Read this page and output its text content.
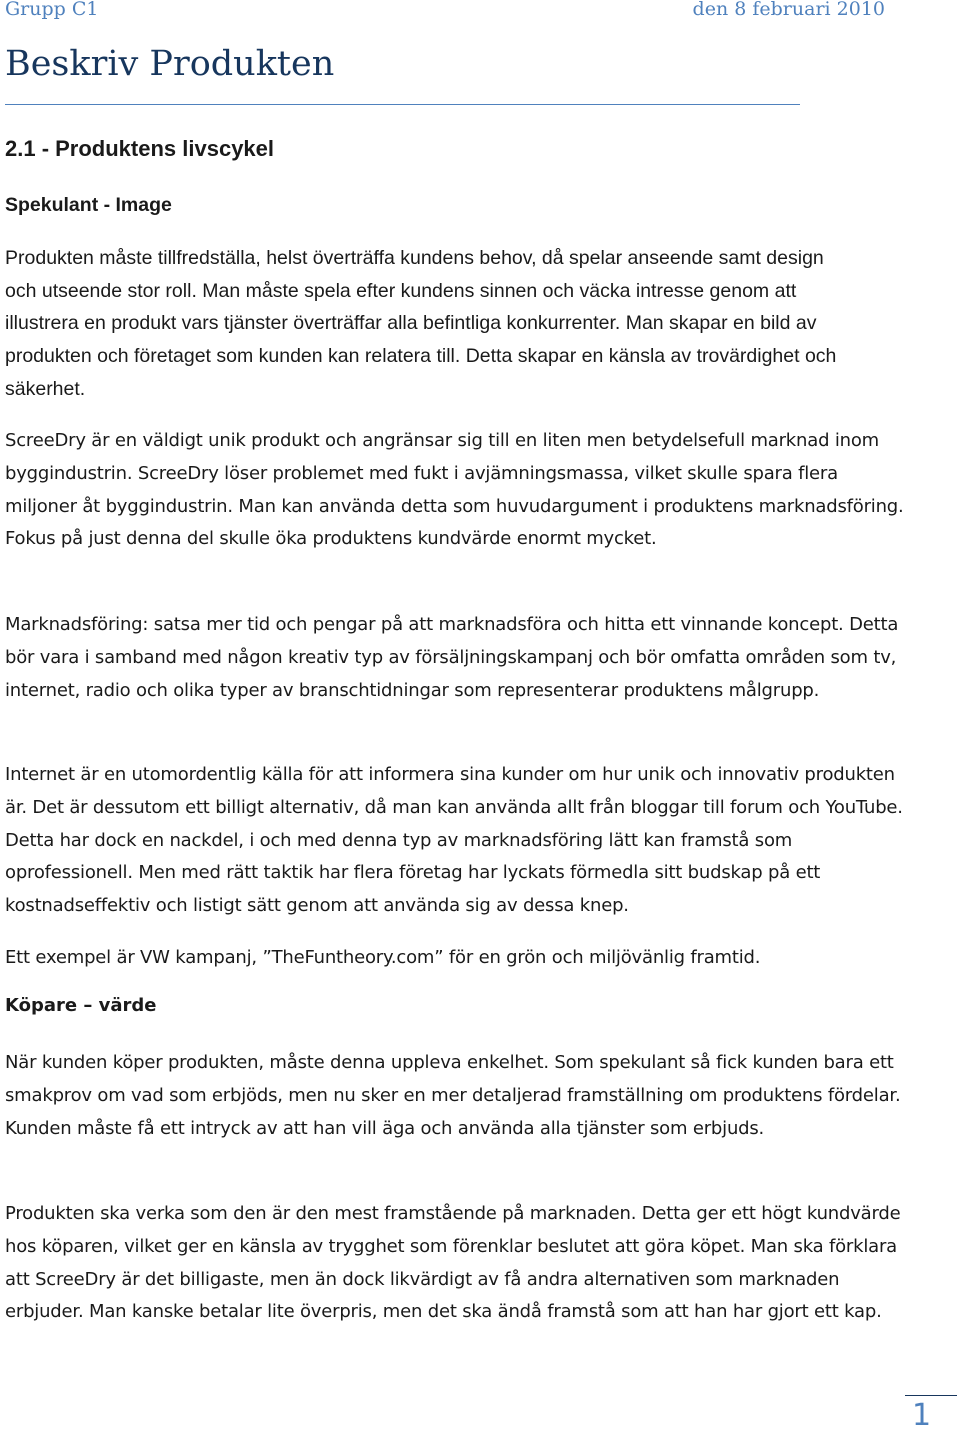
Grupp C1	den 8 februari 2010
Beskriv Produkten
2.1 - Produktens livscykel
Spekulant - Image
Produkten måste tillfredställa, helst överträffa kundens behov, då spelar anseende samt design och utseende stor roll. Man måste spela efter kundens sinnen och väcka intresse genom att illustrera en produkt vars tjänster överträffar alla befintliga konkurrenter. Man skapar en bild av produkten och företaget som kunden kan relatera till. Detta skapar en känsla av trovärdighet och säkerhet.
ScreeDry är en väldigt unik produkt och angränsar sig till en liten men betydelsefull marknad inom byggindustrin. ScreeDry löser problemet med fukt i avjämningsmassa, vilket skulle spara flera miljoner åt byggindustrin. Man kan använda detta som huvudargument i produktens marknadsföring. Fokus på just denna del skulle öka produktens kundvärde enormt mycket.
Marknadsföring: satsa mer tid och pengar på att marknadsföra och hitta ett vinnande koncept. Detta bör vara i samband med någon kreativ typ av försäljningskampanj och bör omfatta områden som tv, internet, radio och olika typer av branschtidningar som representerar produktens målgrupp.
Internet är en utomordentlig källa för att informera sina kunder om hur unik och innovativ produkten är. Det är dessutom ett billigt alternativ, då man kan använda allt från bloggar till forum och YouTube. Detta har dock en nackdel, i och med denna typ av marknadsföring lätt kan framstå som oprofessionell. Men med rätt taktik har flera företag har lyckats förmedla sitt budskap på ett kostnadseffektiv och listigt sätt genom att använda sig av dessa knep.
Ett exempel är VW kampanj, ”TheFuntheory.com” för en grön och miljövänlig framtid.
Köpare – värde
När kunden köper produkten, måste denna uppleva enkelhet. Som spekulant så fick kunden bara ett smakprov om vad som erbjöds, men nu sker en mer detaljerad framställning om produktens fördelar. Kunden måste få ett intryck av att han vill äga och använda alla tjänster som erbjuds.
Produkten ska verka som den är den mest framstående på marknaden. Detta ger ett högt kundvärde hos köparen, vilket ger en känsla av trygghet som förenklar beslutet att göra köpet. Man ska förklara att ScreeDry är det billigaste, men än dock likvärdigt av få andra alternativen som marknaden erbjuder. Man kanske betalar lite överpris, men det ska ändå framstå som att han har gjort ett kap.
1
